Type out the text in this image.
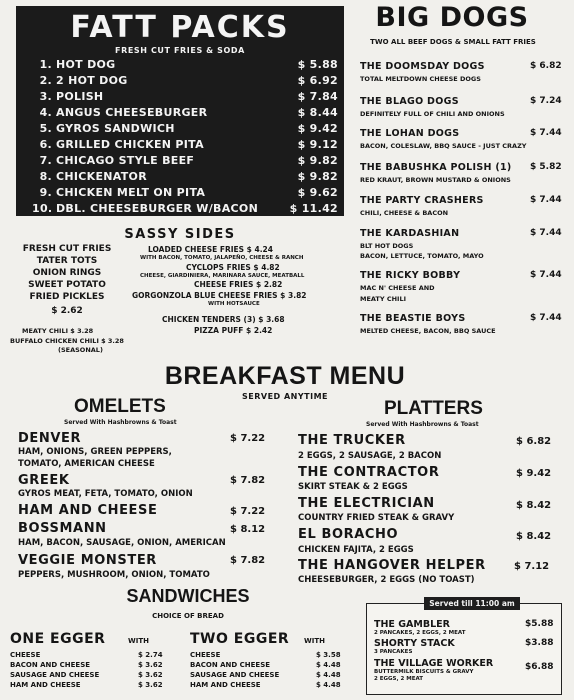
FATT PACKS
FRESH CUT FRIES & SODA
1. HOT DOG	$ 5.88
2. 2 HOT DOG	$ 6.92
3. POLISH	$ 7.84
4. ANGUS CHEESEBURGER	$ 8.44
5. GYROS SANDWICH	$ 9.42
6. GRILLED CHICKEN PITA	$ 9.12
7. CHICAGO STYLE BEEF	$ 9.82
8. CHICKENATOR	$ 9.82
9. CHICKEN MELT ON PITA	$ 9.62
10. DBL. CHEESEBURGER W/BACON	$ 11.42
BIG DOGS
TWO ALL BEEF DOGS & SMALL FATT FRIES
THE DOOMSDAY DOGS	$ 6.82
TOTAL MELTDOWN CHEESE DOGS
THE BLAGO DOGS	$ 7.24
DEFINITELY FULL OF CHILI AND ONIONS
THE LOHAN DOGS	$ 7.44
BACON, COLESLAW, BBQ SAUCE - JUST CRAZY
THE BABUSHKA POLISH (1) $ 5.82
RED KRAUT, BROWN MUSTARD & ONIONS
THE PARTY CRASHERS	$ 7.44
CHILI, CHEESE & BACON
THE KARDASHIAN	$ 7.44
BLT HOT DOGS
BACON, LETTUCE, TOMATO, MAYO
THE RICKY BOBBY	$ 7.44
MAC N' CHEESE AND
MEATY CHILI
THE BEASTIE BOYS	$ 7.44
MELTED CHEESE, BACON, BBQ SAUCE
SASSY SIDES
FRESH CUT FRIES
TATER TOTS
ONION RINGS
SWEET POTATO
FRIED PICKLES
$ 2.62
MEATY CHILI $ 3.28
BUFFALO CHICKEN CHILI $ 3.28
(SEASONAL)
LOADED CHEESE FRIES $ 4.24
WITH BACON, TOMATO, JALAPEÑO, CHEESE & RANCH
CYCLOPS FRIES $ 4.82
CHEESE, GIARDINIERA, MARINARA SAUCE, MEATBALL
CHEESE FRIES $ 2.82
GORGONZOLA BLUE CHEESE FRIES $ 3.82
WITH HOTSAUCE
CHICKEN TENDERS (3) $ 3.68
PIZZA PUFF $ 2.42
BREAKFAST MENU
SERVED ANYTIME
OMELETS
Served With Hashbrowns & Toast
DENVER	$ 7.22
HAM, ONIONS, GREEN PEPPERS,
TOMATO, AMERICAN CHEESE
GREEK	$ 7.82
GYROS MEAT, FETA, TOMATO, ONION
HAM AND CHEESE	$ 7.22
BOSSMANN	$ 8.12
HAM, BACON, SAUSAGE, ONION, AMERICAN
VEGGIE MONSTER	$ 7.82
PEPPERS, MUSHROOM, ONION, TOMATO
PLATTERS
Served With Hashbrowns & Toast
THE TRUCKER	$ 6.82
2 EGGS, 2 SAUSAGE, 2 BACON
THE CONTRACTOR	$ 9.42
SKIRT STEAK & 2 EGGS
THE ELECTRICIAN	$ 8.42
COUNTRY FRIED STEAK & GRAVY
EL BORACHO	$ 8.42
CHICKEN FAJITA, 2 EGGS
THE HANGOVER HELPER	$ 7.12
CHEESEBURGER, 2 EGGS (NO TOAST)
SANDWICHES
CHOICE OF BREAD
ONE EGGER	WITH
CHEESE	$ 2.74
BACON AND CHEESE	$ 3.62
SAUSAGE AND CHEESE	$ 3.62
HAM AND CHEESE	$ 3.62
TWO EGGER WITH
CHEESE	$ 3.58
BACON AND CHEESE	$ 4.48
SAUSAGE AND CHEESE	$ 4.48
HAM AND CHEESE	$ 4.48
Served till 11:00 am
THE GAMBLER	$5.88
2 PANCAKES, 2 EGGS, 2 MEAT
SHORTY STACK	$3.88
3 PANCAKES
THE VILLAGE WORKER	$6.88
BUTTERMILK BISCUITS & GRAVY
2 EGGS, 2 MEAT
